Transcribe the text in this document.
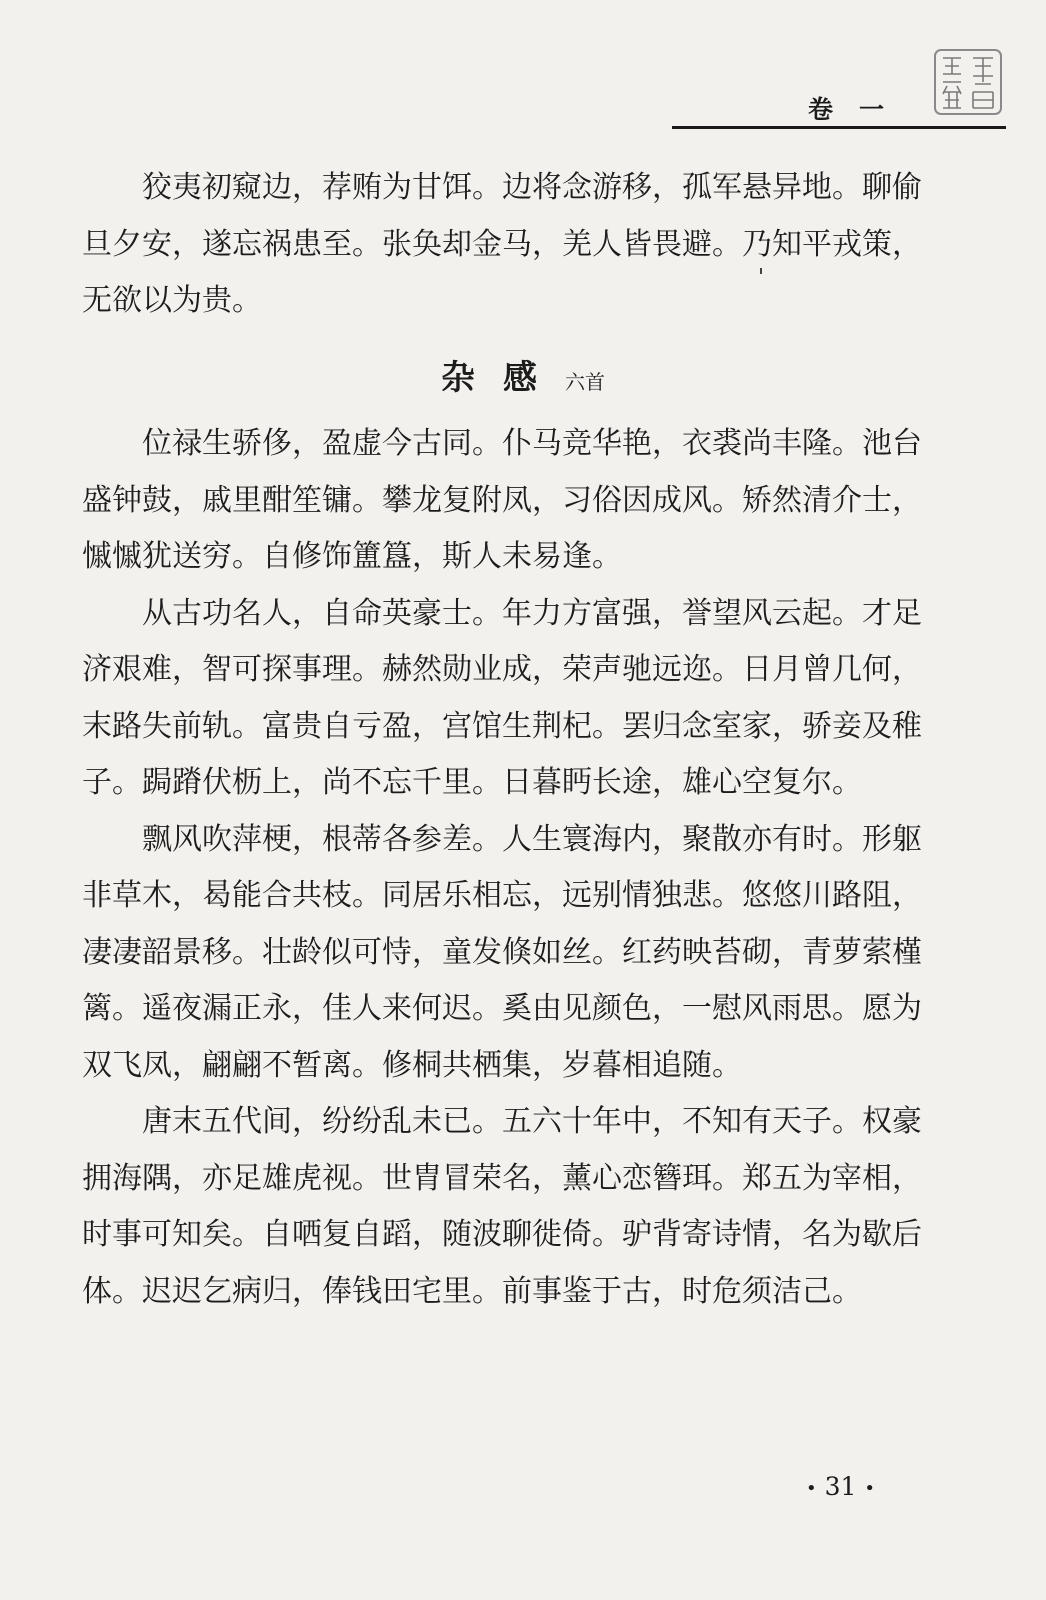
卷一

狡夷初窥边，荐贿为甘饵。边将念游移，孤军悬异地。聊偷旦夕安，遂忘祸患至。张奂却金马，羌人皆畏避。乃知平戎策，无欲以为贵。

杂感六首

位禄生骄侈，盈虚今古同。仆马竞华艳，衣裘尚丰隆。池台盛钟鼓，戚里酣笙镛。攀龙复附凤，习俗因成风。矫然清介士，慽慽犹送穷。自修饰簠簋，斯人未易逢。

从古功名人，自命英豪士。年力方富强，誉望风云起。才足济艰难，智可探事理。赫然勋业成，荣声驰远迩。日月曾几何，末路失前轨。富贵自亏盈，宫馆生荆杞。罢归念室家，骄妾及稚子。跼蹐伏枥上，尚不忘千里。日暮眄长途，雄心空复尔。

飘风吹萍梗，根蒂各参差。人生寰海内，聚散亦有时。形躯非草木，曷能合共枝。同居乐相忘，远别情独悲。悠悠川路阻，凄凄韶景移。壮龄似可恃，童发倏如丝。红药映苔砌，青萝萦槿篱。遥夜漏正永，佳人来何迟。奚由见颜色，一慰风雨思。愿为双飞凤，翩翩不暂离。修桐共栖集，岁暮相追随。

唐末五代间，纷纷乱未已。五六十年中，不知有天子。权豪拥海隅，亦足雄虎视。世胄冒荣名，薰心恋簪珥。郑五为宰相，时事可知矣。自哂复自蹈，随波聊徙倚。驴背寄诗情，名为歇后体。迟迟乞病归，俸钱田宅里。前事鉴于古，时危须洁己。

• 31 •
